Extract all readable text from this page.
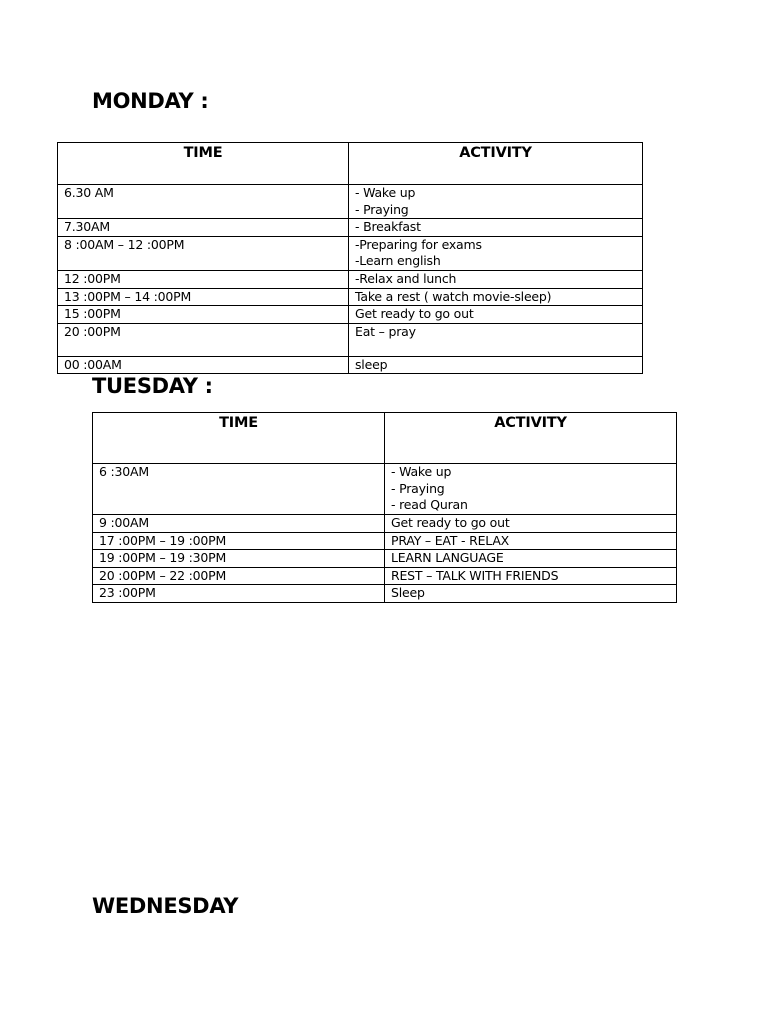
MONDAY :
TIME	ACTIVITY

6.30 AM	- Wake up
- Praying

7.30AM	- Breakfast

8 :00AM – 12 :00PM	-Preparing for exams
-Learn english

12 :00PM	-Relax and lunch

13 :00PM – 14 :00PM	Take a rest ( watch movie-sleep)

15 :00PM	Get ready to go out

20 :00PM	Eat – pray

00 :00AM	sleep
TUESDAY :
TIME	ACTIVITY

6 :30AM	- Wake up
- Praying
- read Quran

9 :00AM	Get ready to go out

17 :00PM – 19 :00PM	PRAY – EAT - RELAX

19 :00PM – 19 :30PM	LEARN LANGUAGE

20 :00PM – 22 :00PM	REST – TALK WITH FRIENDS

23 :00PM	Sleep
WEDNESDAY
